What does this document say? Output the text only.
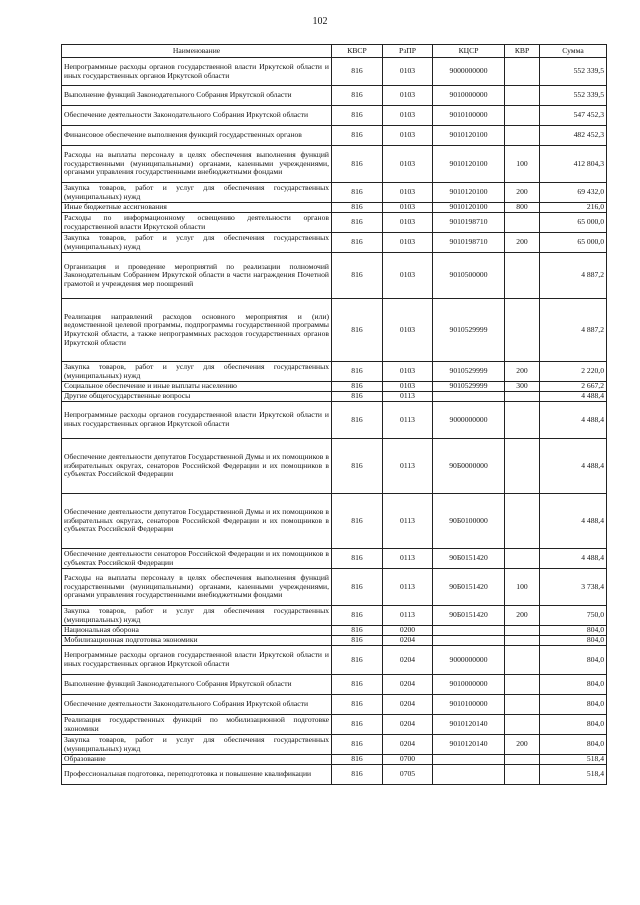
102
Наименование	КВСР	РзПР	КЦСР	КВР	Сумма
Непрограммные расходы органов государственной власти Иркутской области и иных государственных органов Иркутской области	816	0103	9000000000		552 339,5
Выполнение функций Законодательного Собрания Иркутской области	816	0103	9010000000		552 339,5
Обеспечение деятельности Законодательного Собрания Иркутской области	816	0103	9010100000		547 452,3
Финансовое обеспечение выполнения функций государственных органов	816	0103	9010120100		482 452,3
Расходы на выплаты персоналу в целях обеспечения выполнения функций государственными (муниципальными) органами, казенными учреждениями, органами управления государственными внебюджетными фондами	816	0103	9010120100	100	412 804,3
Закупка товаров, работ и услуг для обеспечения государственных (муниципальных) нужд	816	0103	9010120100	200	69 432,0
Иные бюджетные ассигнования	816	0103	9010120100	800	216,0
Расходы по информационному освещению деятельности органов государственной власти Иркутской области	816	0103	9010198710		65 000,0
Закупка товаров, работ и услуг для обеспечения государственных (муниципальных) нужд	816	0103	9010198710	200	65 000,0
Организация и проведение мероприятий по реализации полномочий Законодательным Собранием Иркутской области в части награждения Почетной грамотой и учреждения мер поощрений	816	0103	9010500000		4 887,2
Реализация направлений расходов основного мероприятия и (или) ведомственной целевой программы, подпрограммы государственной программы Иркутской области, а также непрограммных расходов государственных органов Иркутской области	816	0103	9010529999		4 887,2
Закупка товаров, работ и услуг для обеспечения государственных (муниципальных) нужд	816	0103	9010529999	200	2 220,0
Социальное обеспечение и иные выплаты населению	816	0103	9010529999	300	2 667,2
Другие общегосударственные вопросы	816	0113			4 488,4
Непрограммные расходы органов государственной власти Иркутской области и иных государственных органов Иркутской области	816	0113	9000000000		4 488,4
Обеспечение деятельности депутатов Государственной Думы и их помощников в избирательных округах, сенаторов Российской Федерации и их помощников в субъектах Российской Федерации	816	0113	90Б0000000		4 488,4
Обеспечение деятельности депутатов Государственной Думы и их помощников в избирательных округах, сенаторов Российской Федерации и их помощников в субъектах Российской Федерации	816	0113	90Б0100000		4 488,4
Обеспечение деятельности сенаторов Российской Федерации и их помощников в субъектах Российской Федерации	816	0113	90Б0151420		4 488,4
Расходы на выплаты персоналу в целях обеспечения выполнения функций государственными (муниципальными) органами, казенными учреждениями, органами управления государственными внебюджетными фондами	816	0113	90Б0151420	100	3 738,4
Закупка товаров, работ и услуг для обеспечения государственных (муниципальных) нужд	816	0113	90Б0151420	200	750,0
Национальная оборона	816	0200			804,0
Мобилизационная подготовка экономики	816	0204			804,0
Непрограммные расходы органов государственной власти Иркутской области и иных государственных органов Иркутской области	816	0204	9000000000		804,0
Выполнение функций Законодательного Собрания Иркутской области	816	0204	9010000000		804,0
Обеспечение деятельности Законодательного Собрания Иркутской области	816	0204	9010100000		804,0
Реализация государственных функций по мобилизационной подготовке экономики	816	0204	9010120140		804,0
Закупка товаров, работ и услуг для обеспечения государственных (муниципальных) нужд	816	0204	9010120140	200	804,0
Образование	816	0700			518,4
Профессиональная подготовка, переподготовка и повышение квалификации	816	0705			518,4
